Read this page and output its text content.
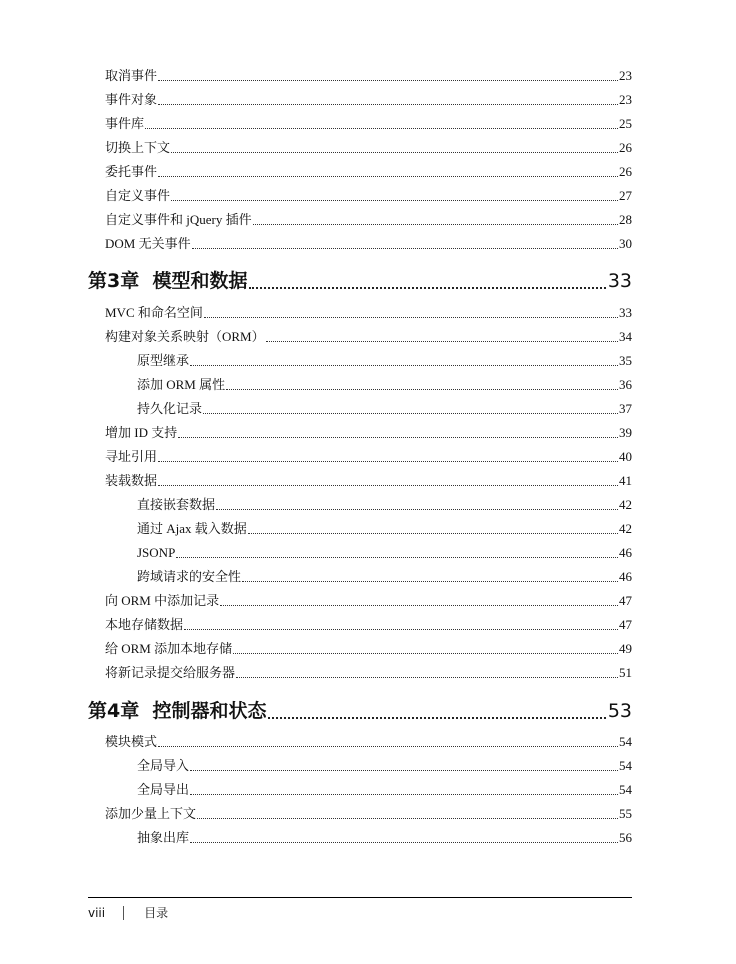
取消事件	23
事件对象	23
事件库	25
切换上下文	26
委托事件	26
自定义事件	27
自定义事件和 jQuery 插件	28
DOM 无关事件	30
第3章  模型和数据	33
MVC 和命名空间	33
构建对象关系映射（ORM）	34
原型继承	35
添加 ORM 属性	36
持久化记录	37
增加 ID 支持	39
寻址引用	40
装载数据	41
直接嵌套数据	42
通过 Ajax 载入数据	42
JSONP	46
跨域请求的安全性	46
向 ORM 中添加记录	47
本地存储数据	47
给 ORM 添加本地存储	49
将新记录提交给服务器	51
第4章  控制器和状态	53
模块模式	54
全局导入	54
全局导出	54
添加少量上下文	55
抽象出库	56
viii	目录
